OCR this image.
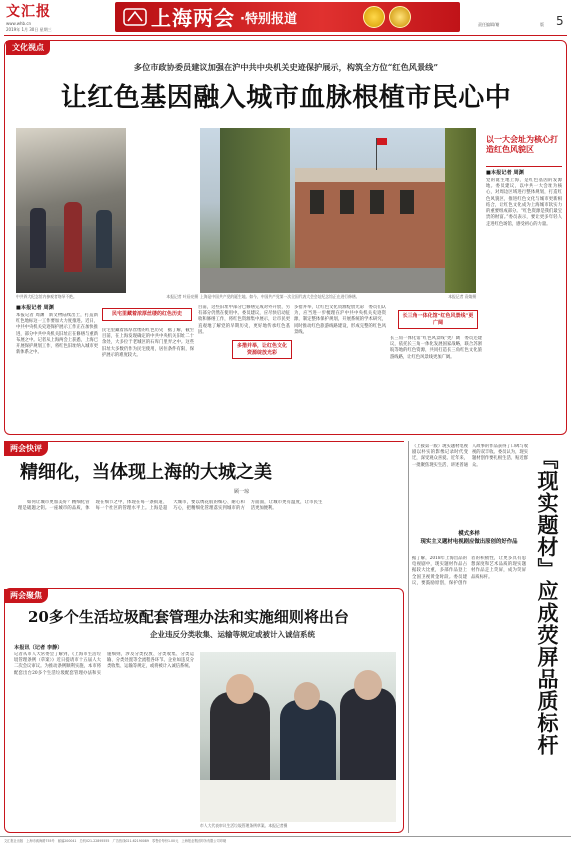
文汇报
www.whb.cn
2019年 1月 30日 星期三	上海两会 ·特别报道	责任编辑/谢	版 5
文化视点
多位市政协委员建议加强在沪中共中央机关史迹保护展示，构筑全方位“红色风景线”
让红色基因融入城市血脉根植市民心中
中共四大纪念馆内参观者络绎不绝。	本报记者 叶辰亮摄 上海是中国共产党的诞生地。如今，中国共产党第一次全国代表大会会址纪念馆正在进行修缮。	本报记者 袁婧摄
以一大会址为核心打造红色风貌区
■本报记者 周渊
党的诞生地上海，是红色基因的发源地。委员建议，以中共一大会址为核心，对周边区域进行整体规划，打造红色风貌区，推进红色文化与城市更新相结合，让红色文化成为上海城市软实力的重要组成部分。“红色资源是我们最宝贵的财富。”委员表示，要让更多年轻人走进红色场馆，感受初心的力量。
■本报记者 周渊
本报记者 周渊　新文物陆续出土，打造新红色地标这一工作要加大力度推进。近日，中共中央机关史迹保护展示工作正在加快推进，部分中共中央机关旧址正在修缮与重新布展之中。记者从上海两会上获悉，上海已开展保护规划工作，将红色旧址纳入城市更新体系之中。
民宅里藏着浓厚丝缕的红色历史
民宅里藏着浓厚丝缕的红色历史　据了解，截至目前，在上海发现确定的中共中央机关旧址二十余处，大多位于老城区的石库门里弄之中。这些旧址大多数仍作为民宅使用，居住条件有限，保护展示的难度较大。
目前，这些旧址中部分已修缮完成对外开放，另有部分仍然在使用中。委员建议，应尽快启动征收和修缮工作，将红色资源集中展示，让市民更直观地了解党的早期历史，更好地传承红色基因。
多措并举，让红色文化资源绽放光彩
多措并举，让红色文化资源绽放光彩　委员们认为，应当进一步梳理在沪中共中央机关史迹资源，制定整体保护规划，开展系统的学术研究，同时推动红色旅游线路建设，形成完整的红色风景线。
长三角一体化馆“红色风景线”更广阔
长三角一体化馆“红色风景线”更广阔　委员还建议，依托长三角一体化发展国家战略，联合苏浙皖等地的红色资源，共同打造长三角红色文化旅游线路，让红色风景线更加广阔。
两会快评
精细化，当体现上海的大城之美
顾一琼
如何让城市更加美好？精细化管理是破题之钥。一座城市的品质，体现在细节之中，体现在每一条街道、每一个社区的管理水平上。上海是超大城市，要以绣花般的细心、耐心和巧心，把精细化管理落实到城市的方方面面，让城市更有温度，让市民生活更加便利。
两会聚焦
20多个生活垃圾配套管理办法和实施细则将出台
企业违反分类收集、运输等规定或被计入诚信系统
本报讯（记者 李静）
记者从市人大常委会了解到，《上海市生活垃圾管理条例（草案）》近日提请市十五届人大二次会议审议。为推动条例顺利实施，本市将配套出台20多个生活垃圾配套管理办法和实施细则，涉及分类投放、分类收集、分类运输、分类处置等全流程各环节。企业如违反分类收集、运输等规定，或将被计入诚信系统。
市人大代表审议生活垃圾管理条例草案。本报记者摄
（上接第一版）现实题材电视剧以朴实的影像记录时代变迁，深受观众喜爱。近年来，一批聚焦现实生活、讲述普通人故事的作品获得了口碑与收视的双丰收。委员认为，现实题材创作要扎根生活、贴近群众。	『现实题材』应成荧屏品质标杆
模式多样
现实主义题材电视剧应做出原创的好作品
据了解，2018年上海出品的电视剧中，现实题材作品占据较大比重，多部作品登上全国卫视黄金时段。委员建议，要鼓励原创，保护创作者的积极性，让更多具有思想深度和艺术品质的现实题材作品走上荧屏，成为荧屏品质标杆。
文汇报社出版　上海市威海路755号　邮编200041　总机021-22895555　广告热线021-62190089　零售价每份1.00元　上海报业集团印务有限公司印刷
